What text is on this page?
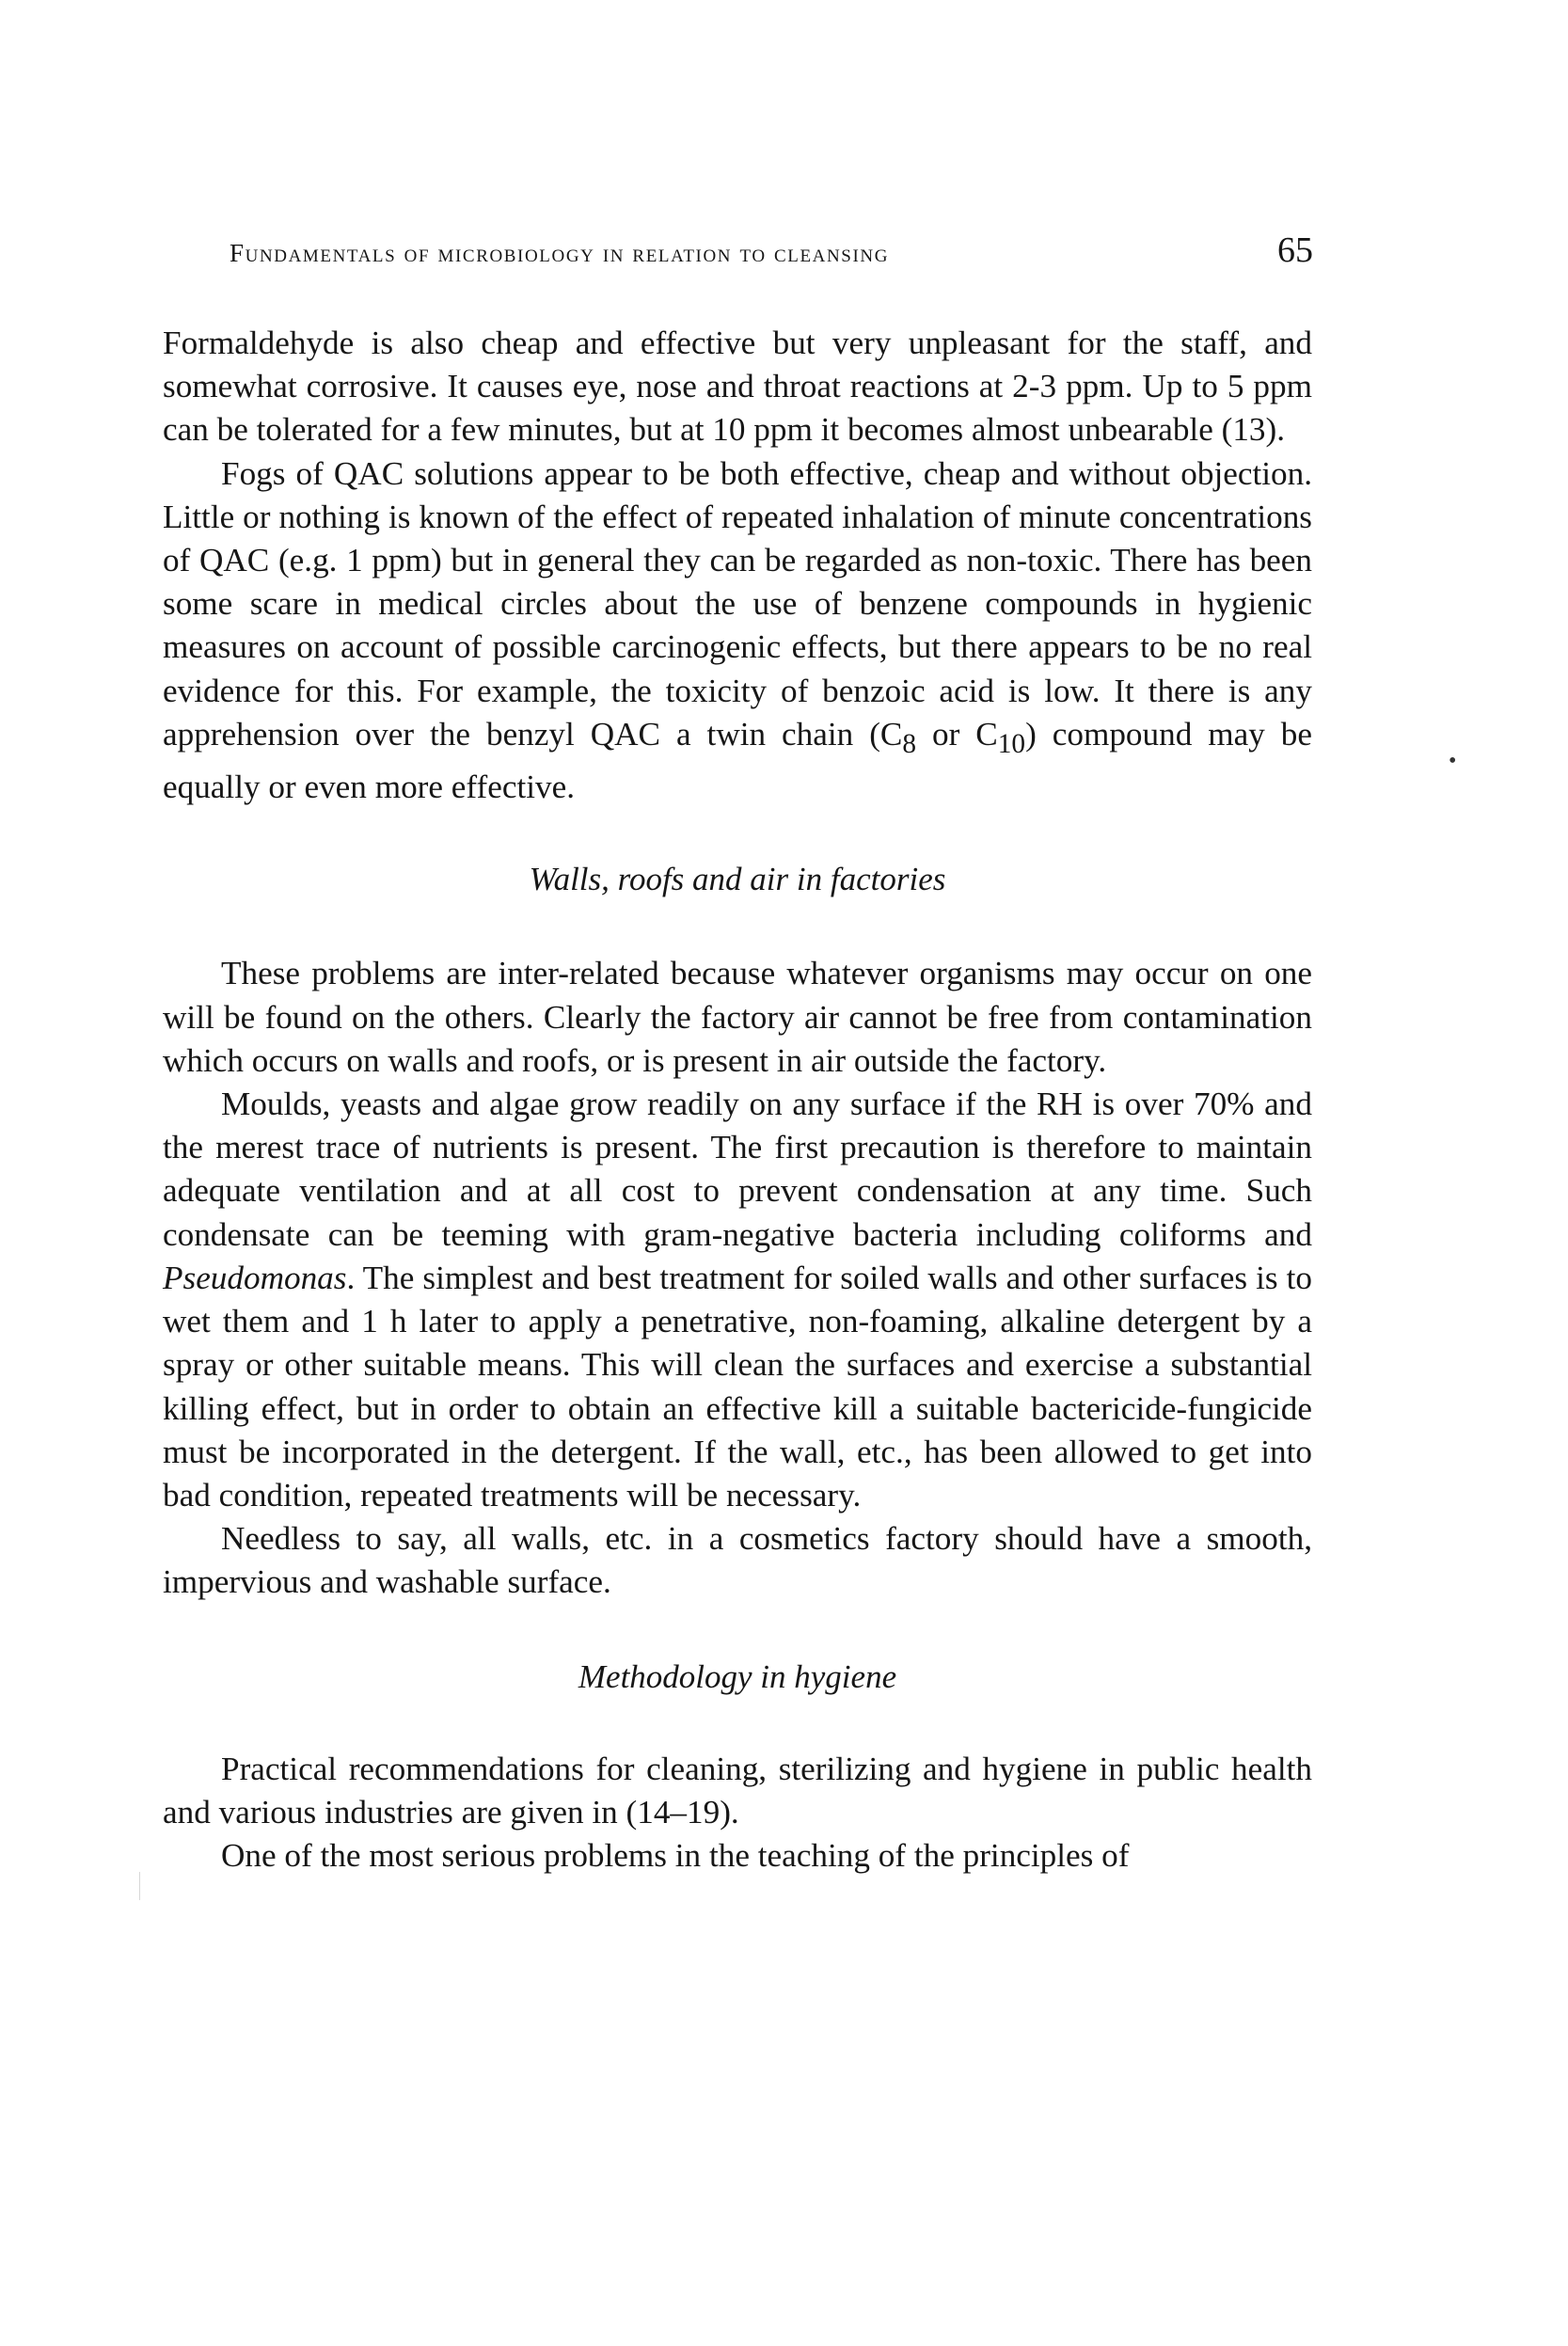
Fundamentals of microbiology in relation to cleansing	65

Formaldehyde is also cheap and effective but very unpleasant for the staff, and somewhat corrosive. It causes eye, nose and throat reactions at 2-3 ppm. Up to 5 ppm can be tolerated for a few minutes, but at 10 ppm it becomes almost unbearable (13).

Fogs of QAC solutions appear to be both effective, cheap and without objection. Little or nothing is known of the effect of repeated inhalation of minute concentrations of QAC (e.g. 1 ppm) but in general they can be regarded as non-toxic. There has been some scare in medical circles about the use of benzene compounds in hygienic measures on account of possible carcinogenic effects, but there appears to be no real evidence for this. For example, the toxicity of benzoic acid is low. It there is any apprehension over the benzyl QAC a twin chain ($C_8$ or $C_{10}$) compound may be equally or even more effective.

Walls, roofs and air in factories

These problems are inter-related because whatever organisms may occur on one will be found on the others. Clearly the factory air cannot be free from contamination which occurs on walls and roofs, or is present in air outside the factory.

Moulds, yeasts and algae grow readily on any surface if the RH is over 70% and the merest trace of nutrients is present. The first precaution is therefore to maintain adequate ventilation and at all cost to prevent condensation at any time. Such condensate can be teeming with gram-negative bacteria including coliforms and Pseudomonas. The simplest and best treatment for soiled walls and other surfaces is to wet them and 1 h later to apply a penetrative, non-foaming, alkaline detergent by a spray or other suitable means. This will clean the surfaces and exercise a substantial killing effect, but in order to obtain an effective kill a suitable bactericide-fungicide must be incorporated in the detergent. If the wall, etc., has been allowed to get into bad condition, repeated treatments will be necessary.

Needless to say, all walls, etc. in a cosmetics factory should have a smooth, impervious and washable surface.

Methodology in hygiene

Practical recommendations for cleaning, sterilizing and hygiene in public health and various industries are given in (14–19).

One of the most serious problems in the teaching of the principles of

•
